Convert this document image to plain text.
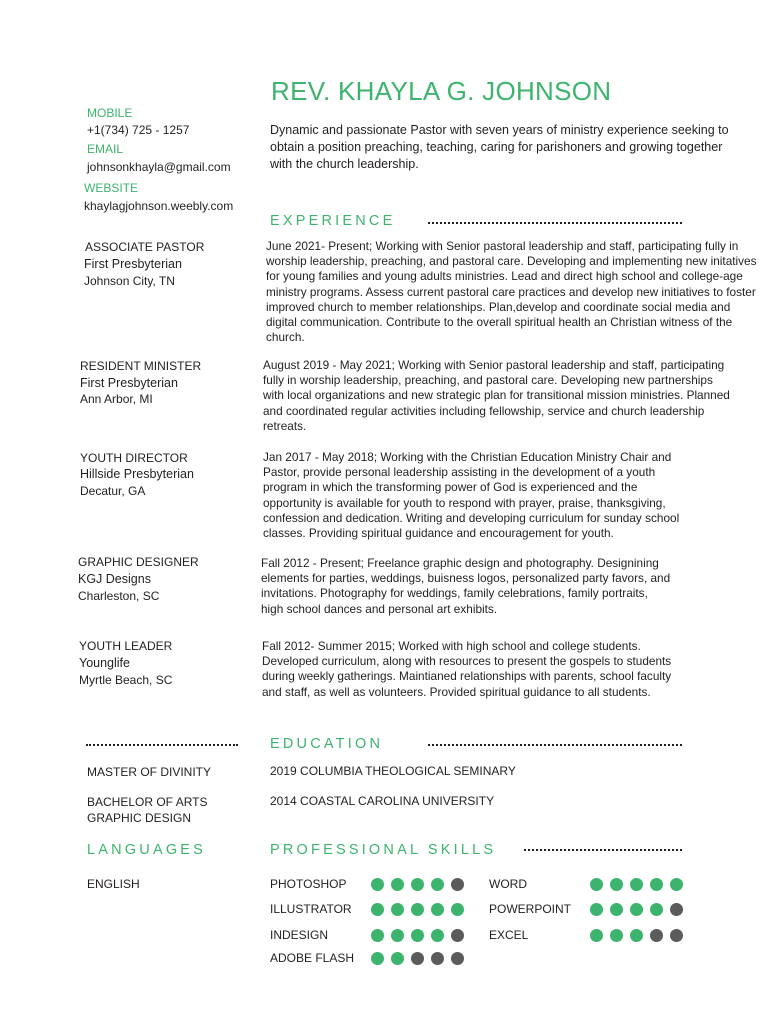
REV. KHAYLA G. JOHNSON
Dynamic and passionate Pastor with seven years of ministry experience seeking to obtain a position preaching, teaching, caring for parishoners and growing together with the church leadership.
MOBILE
+1(734) 725 - 1257
EMAIL
johnsonkhayla@gmail.com
WEBSITE
khaylagjohnson.weebly.com
EXPERIENCE
ASSOCIATE PASTOR
First Presbyterian
Johnson City, TN
June 2021- Present; Working with Senior pastoral leadership and staff, participating fully in worship leadership, preaching, and pastoral care. Developing and implementing new initatives for young families and young adults ministries. Lead and direct high school and college-age ministry programs. Assess current pastoral care practices and develop new initiatives to foster improved church to member relationships. Plan,develop and coordinate social media and digital communication. Contribute to the overall spiritual health an Christian witness of the church.
RESIDENT MINISTER
First Presbyterian
Ann Arbor, MI
August 2019 - May 2021; Working with Senior pastoral leadership and staff, participating fully in worship leadership, preaching, and pastoral care. Developing new partnerships with local organizations and new strategic plan for transitional mission ministries. Planned and coordinated regular activities including fellowship, service and church leadership retreats.
YOUTH DIRECTOR
Hillside Presbyterian
Decatur, GA
Jan 2017 - May 2018; Working with the Christian Education Ministry Chair and Pastor, provide personal leadership assisting in the development of a youth program in which the transforming power of God is experienced and the opportunity is available for youth to respond with prayer, praise, thanksgiving, confession and dedication. Writing and developing curriculum for sunday school classes. Providing spiritual guidance and encouragement for youth.
GRAPHIC DESIGNER
KGJ Designs
Charleston, SC
Fall 2012 - Present; Freelance graphic design and photography. Designining elements for parties, weddings, buisness logos, personalized party favors, and invitations. Photography for weddings, family celebrations, family portraits, high school dances and personal art exhibits.
YOUTH LEADER
Younglife
Myrtle Beach, SC
Fall 2012- Summer 2015; Worked with high school and college students. Developed curriculum, along with resources to present the gospels to students during weekly gatherings. Maintianed relationships with parents, school faculty and staff, as well as volunteers. Provided spiritual guidance to all students.
EDUCATION
MASTER OF DIVINITY	2019 COLUMBIA THEOLOGICAL SEMINARY
BACHELOR OF ARTS
GRAPHIC DESIGN
2014 COASTAL CAROLINA UNIVERSITY
LANGUAGES
ENGLISH
PROFESSIONAL SKILLS
PHOTOSHOP
ILLUSTRATOR
INDESIGN
ADOBE FLASH
WORD
POWERPOINT
EXCEL
